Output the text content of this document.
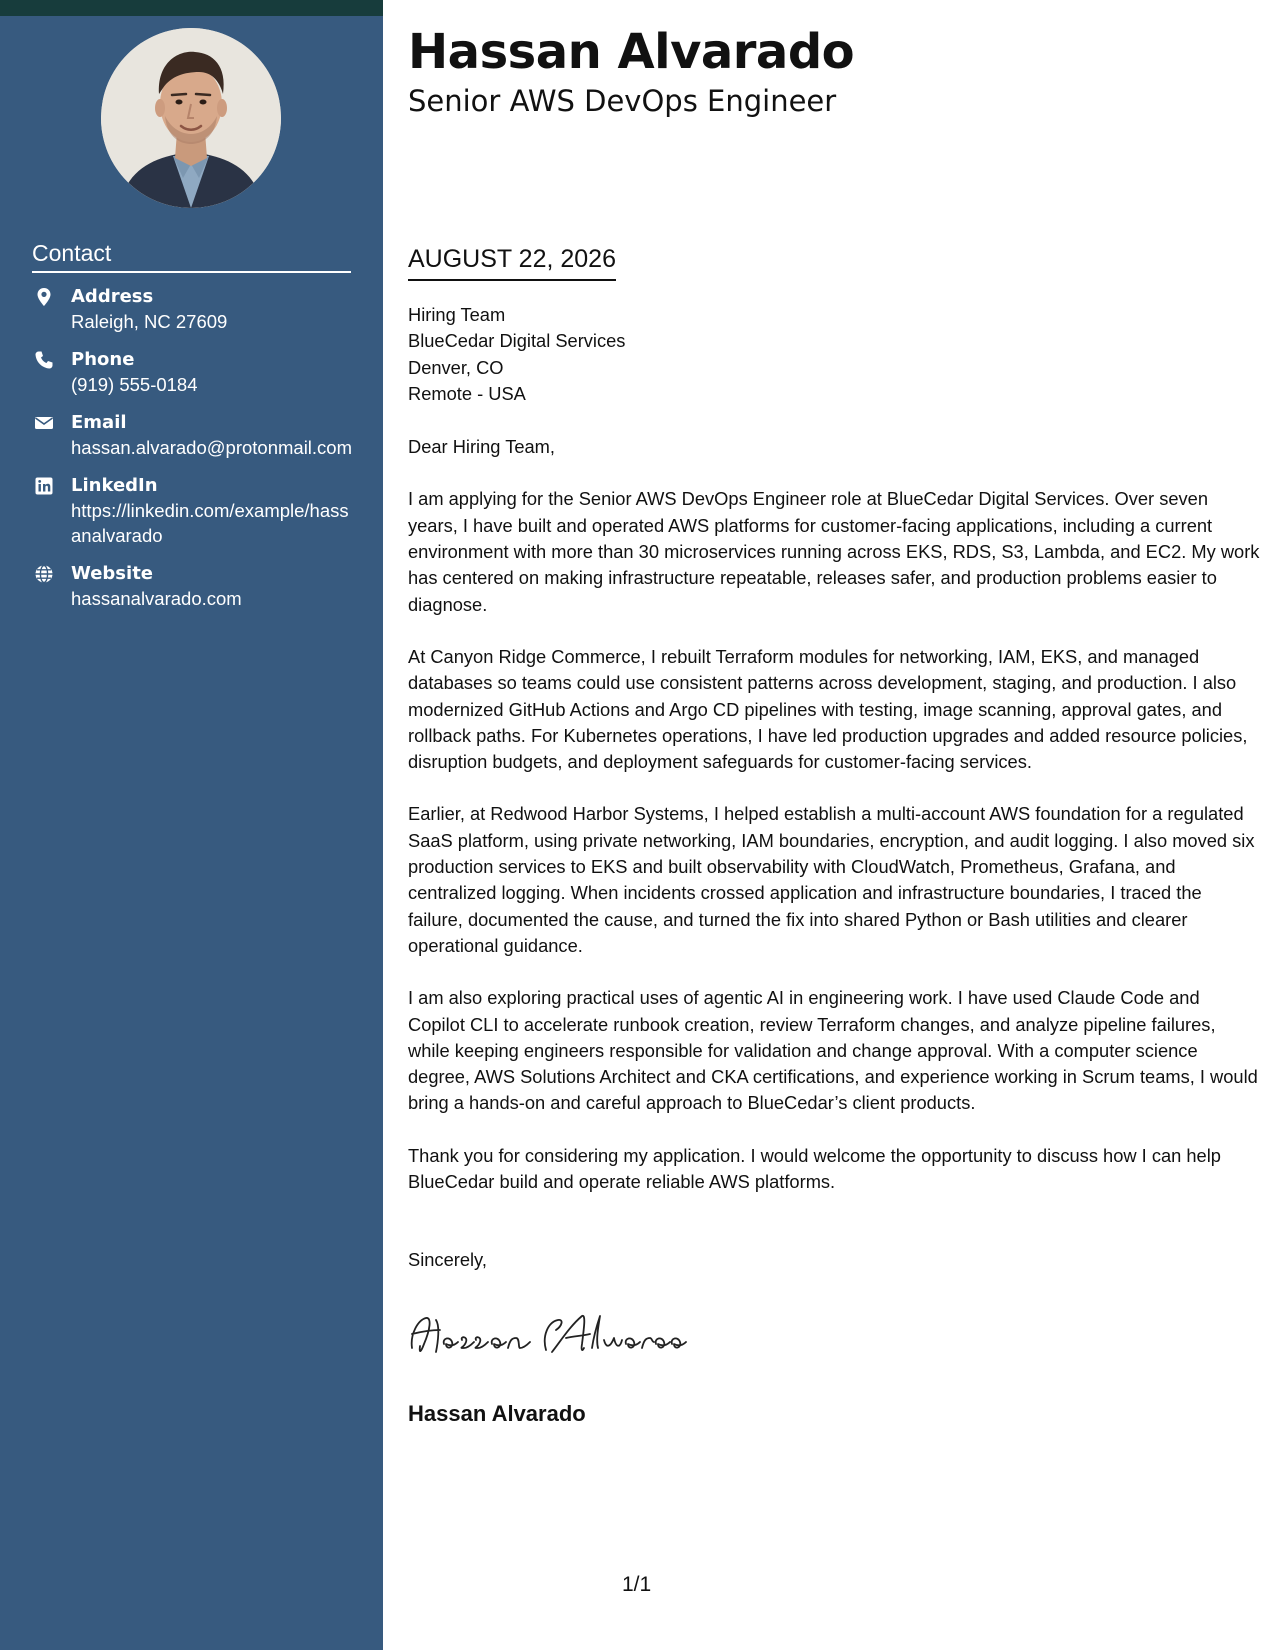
Contact
Address
Raleigh, NC 27609
Phone
(919) 555-0184
Email
hassan.alvarado@protonmail.com
LinkedIn
https://linkedin.com/example/hassanalvarado
Website
hassanalvarado.com
Hassan Alvarado
Senior AWS DevOps Engineer
AUGUST 22, 2026
Hiring Team
BlueCedar Digital Services
Denver, CO
Remote - USA
Dear Hiring Team,

I am applying for the Senior AWS DevOps Engineer role at BlueCedar Digital Services. Over seven years, I have built and operated AWS platforms for customer-facing applications, including a current environment with more than 30 microservices running across EKS, RDS, S3, Lambda, and EC2. My work has centered on making infrastructure repeatable, releases safer, and production problems easier to diagnose.

At Canyon Ridge Commerce, I rebuilt Terraform modules for networking, IAM, EKS, and managed databases so teams could use consistent patterns across development, staging, and production. I also modernized GitHub Actions and Argo CD pipelines with testing, image scanning, approval gates, and rollback paths. For Kubernetes operations, I have led production upgrades and added resource policies, disruption budgets, and deployment safeguards for customer-facing services.

Earlier, at Redwood Harbor Systems, I helped establish a multi-account AWS foundation for a regulated SaaS platform, using private networking, IAM boundaries, encryption, and audit logging. I also moved six production services to EKS and built observability with CloudWatch, Prometheus, Grafana, and centralized logging. When incidents crossed application and infrastructure boundaries, I traced the failure, documented the cause, and turned the fix into shared Python or Bash utilities and clearer operational guidance.

I am also exploring practical uses of agentic AI in engineering work. I have used Claude Code and Copilot CLI to accelerate runbook creation, review Terraform changes, and analyze pipeline failures, while keeping engineers responsible for validation and change approval. With a computer science degree, AWS Solutions Architect and CKA certifications, and experience working in Scrum teams, I would bring a hands-on and careful approach to BlueCedar’s client products.

Thank you for considering my application. I would welcome the opportunity to discuss how I can help BlueCedar build and operate reliable AWS platforms.

Sincerely,
Hassan Alvarado
1/1
